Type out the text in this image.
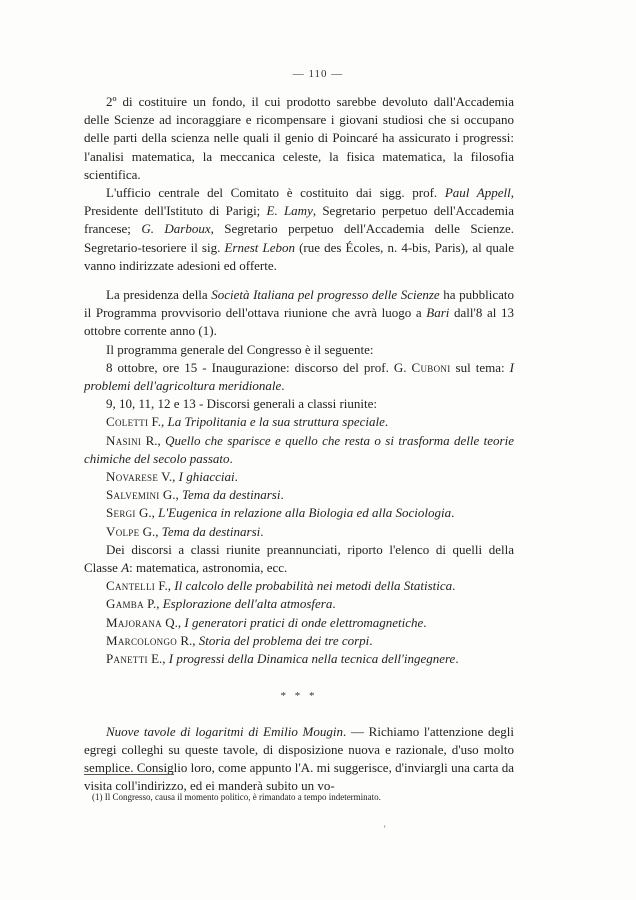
— 110 —

2º di costituire un fondo, il cui prodotto sarebbe devoluto dall'Accademia delle Scienze ad incoraggiare e ricompensare i giovani studiosi che si occupano delle parti della scienza nelle quali il genio di Poincaré ha assicurato i progressi: l'analisi matematica, la meccanica celeste, la fisica matematica, la filosofia scientifica.

L'ufficio centrale del Comitato è costituito dai sigg. prof. Paul Appell, Presidente dell'Istituto di Parigi; E. Lamy, Segretario perpetuo dell'Accademia francese; G. Darboux, Segretario perpetuo dell'Accademia delle Scienze. Segretario-tesoriere il sig. Ernest Lebon (rue des Écoles, n. 4-bis, Paris), al quale vanno indirizzate adesioni ed offerte.

La presidenza della Società Italiana pel progresso delle Scienze ha pubblicato il Programma provvisorio dell'ottava riunione che avrà luogo a Bari dall'8 al 13 ottobre corrente anno (1).

Il programma generale del Congresso è il seguente:

8 ottobre, ore 15 - Inaugurazione: discorso del prof. G. Cuboni sul tema: I problemi dell'agricoltura meridionale.

9, 10, 11, 12 e 13 - Discorsi generali a classi riunite:

Coletti F., La Tripolitania e la sua struttura speciale.

Nasini R., Quello che sparisce e quello che resta o si trasforma delle teorie chimiche del secolo passato.

Novarese V., I ghiacciai.

Salvemini G., Tema da destinarsi.

Sergi G., L'Eugenica in relazione alla Biologia ed alla Sociologia.

Volpe G., Tema da destinarsi.

Dei discorsi a classi riunite preannunciati, riporto l'elenco di quelli della Classe A: matematica, astronomia, ecc.

Cantelli F., Il calcolo delle probabilità nei metodi della Statistica.

Gamba P., Esplorazione dell'alta atmosfera.

Majorana Q., I generatori pratici di onde elettromagnetiche.

Marcolongo R., Storia del problema dei tre corpi.

Panetti E., I progressi della Dinamica nella tecnica dell'ingegnere.

* * *

Nuove tavole di logaritmi di Emilio Mougin. — Richiamo l'attenzione degli egregi colleghi su queste tavole, di disposizione nuova e razionale, d'uso molto semplice. Consiglio loro, come appunto l'A. mi suggerisce, d'inviargli una carta da visita coll'indirizzo, ed ei manderà subito un vo-

(1) Il Congresso, causa il momento politico, è rimandato a tempo indeterminato.
'
